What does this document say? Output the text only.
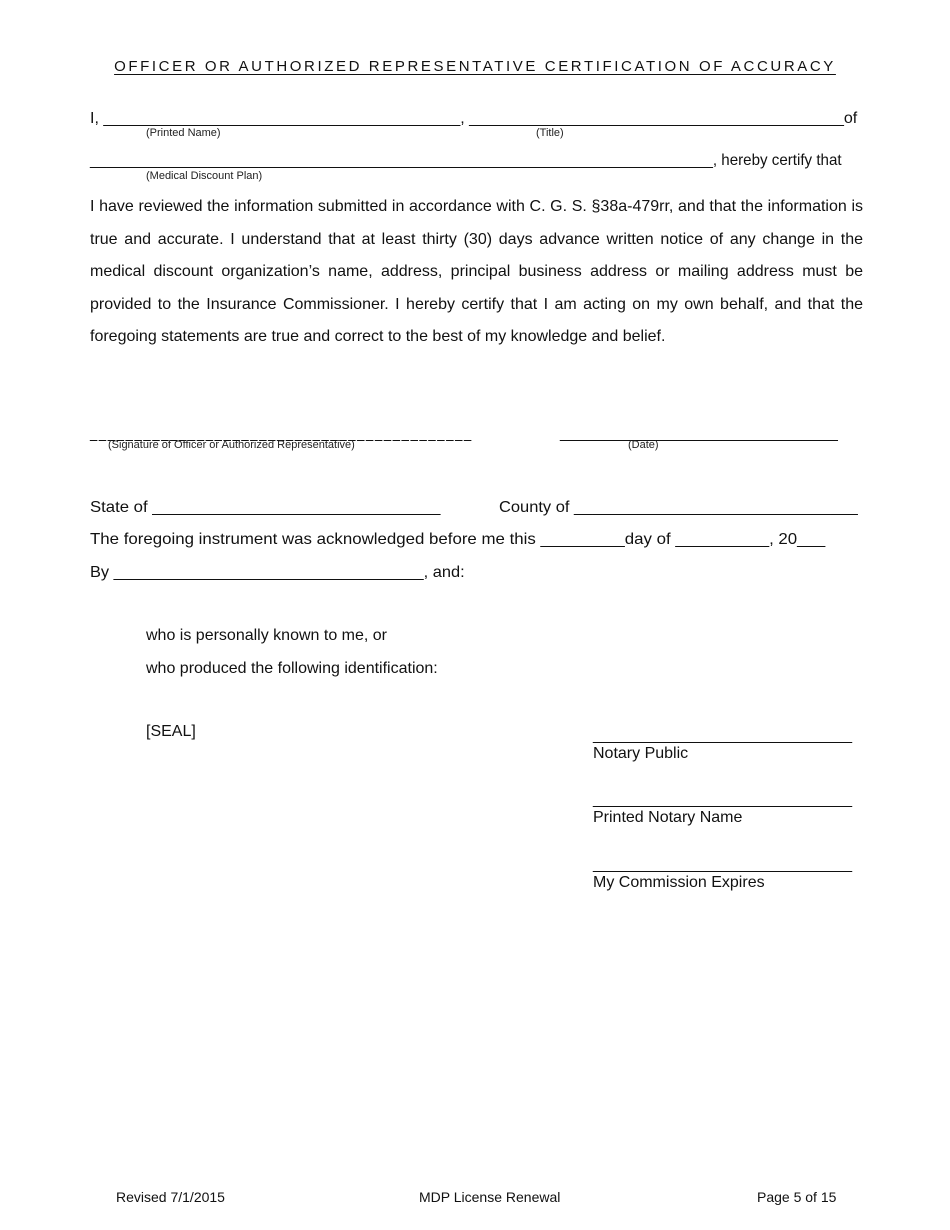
OFFICER OR AUTHORIZED REPRESENTATIVE CERTIFICATION OF ACCURACY
I, ________________________________________, __________________________________________of
(Printed Name)	(Title)
__________________________________________________________________________, hereby certify that
(Medical Discount Plan)
I have reviewed the information submitted in accordance with C. G. S. §38a-479rr, and that the information is true and accurate. I understand that at least thirty (30) days advance written notice of any change in the medical discount organization’s name, address, principal business address or mailing address must be provided to the Insurance Commissioner. I hereby certify that I am acting on my own behalf, and that the foregoing statements are true and correct to the best of my knowledge and belief.
_ _ _ _ _ _ _ _ _ _ _ _ _ _ _ _ _ _ _ _ _ _ _ _ _ _ _ _ _ _ _ _ _ _ _ _ _ _ _ _ _ _ _
(Signature of Officer or Authorized Representative)
_______________________________
(Date)
State of _______________________________	County of _______________________________
The foregoing instrument was acknowledged before me this _________day of __________, 20___
By __________________________________, and:
who is personally known to me, or
who produced the following identification:
[SEAL]	_____________________________
Notary Public
_____________________________
Printed Notary Name
_____________________________
My Commission Expires
Revised 7/1/2015	MDP License Renewal	Page 5 of 15
